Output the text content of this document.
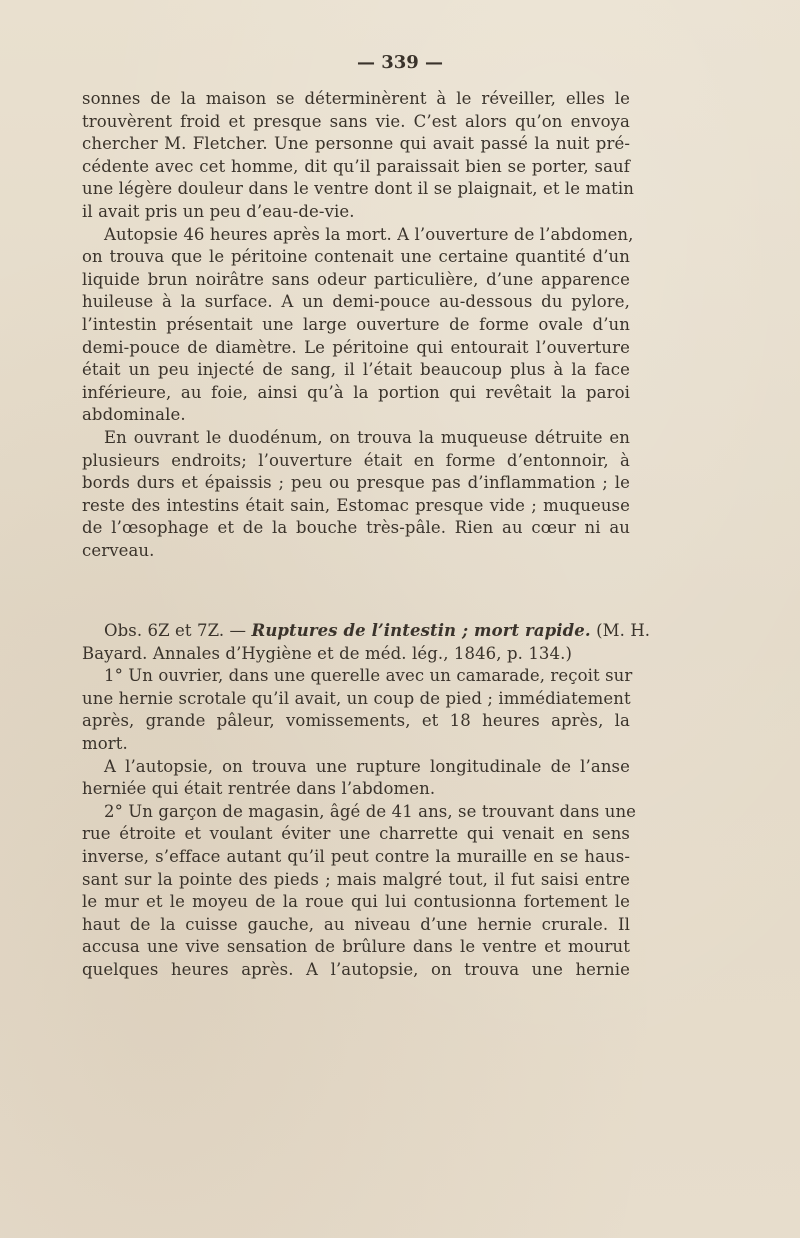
— 339 —
sonnes de la maison se déterminèrent à le réveiller, elles le
trouvèrent froid et presque sans vie. C’est alors qu’on envoya
chercher M. Fletcher. Une personne qui avait passé la nuit pré-
cédente avec cet homme, dit qu’il paraissait bien se porter, sauf
une légère douleur dans le ventre dont il se plaignait, et le matin
il avait pris un peu d’eau-de-vie.
Autopsie 46 heures après la mort. A l’ouverture de l’abdomen,
on trouva que le péritoine contenait une certaine quantité d’un
liquide brun noirâtre sans odeur particulière, d’une apparence
huileuse à la surface. A un demi-pouce au-dessous du pylore,
l’intestin présentait une large ouverture de forme ovale d’un
demi-pouce de diamètre. Le péritoine qui entourait l’ouverture
était un peu injecté de sang, il l’était beaucoup plus à la face
inférieure, au foie, ainsi qu’à la portion qui revêtait la paroi
abdominale.
En ouvrant le duodénum, on trouva la muqueuse détruite en
plusieurs endroits; l’ouverture était en forme d’entonnoir, à
bords durs et épaissis ; peu ou presque pas d’inflammation ; le
reste des intestins était sain, Estomac presque vide ; muqueuse
de l’œsophage et de la bouche très-pâle. Rien au cœur ni au
cerveau.
Obs. 6Z et 7Z. — Ruptures de l’intestin ; mort rapide. (M. H.
Bayard. Annales d’Hygiène et de méd. lég., 1846, p. 134.)
1° Un ouvrier, dans une querelle avec un camarade, reçoit sur
une hernie scrotale qu’il avait, un coup de pied ; immédiatement
après, grande pâleur, vomissements, et 18 heures après, la
mort.
A l’autopsie, on trouva une rupture longitudinale de l’anse
herniée qui était rentrée dans l’abdomen.
2° Un garçon de magasin, âgé de 41 ans, se trouvant dans une
rue étroite et voulant éviter une charrette qui venait en sens
inverse, s’efface autant qu’il peut contre la muraille en se haus-
sant sur la pointe des pieds ; mais malgré tout, il fut saisi entre
le mur et le moyeu de la roue qui lui contusionna fortement le
haut de la cuisse gauche, au niveau d’une hernie crurale. Il
accusa une vive sensation de brûlure dans le ventre et mourut
quelques heures après. A l’autopsie, on trouva une hernie
